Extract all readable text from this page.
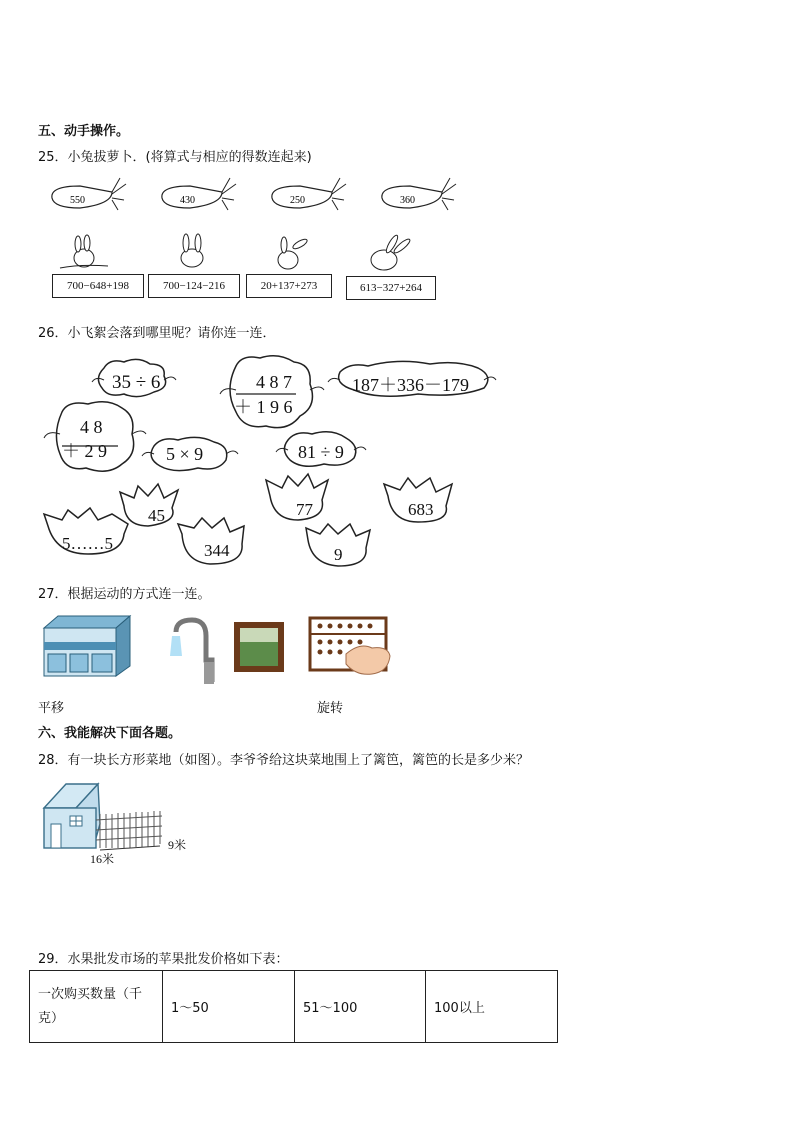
五、动手操作。
25．小兔拔萝卜．(将算式与相应的得数连起来)
550	430	250	360
700−648+198	700−124−216	20+137+273	613−327+264
26．小飞絮会落到哪里呢？请你连一连．
35 ÷ 6	4 8 7
＋ 1 9 6
187＋336－179
4 8
＋ 2 9	5 × 9	81 ÷ 9
45	77	683
5……5	344	9
27．根据运动的方式连一连。
平移	旋转
六、我能解决下面各题。
28．有一块长方形菜地（如图）。李爷爷给这块菜地围上了篱笆，篱笆的长是多少米？
9米
16米
29．水果批发市场的苹果批发价格如下表：
一次购买数量（千克）	1～50	51～100	100以上
